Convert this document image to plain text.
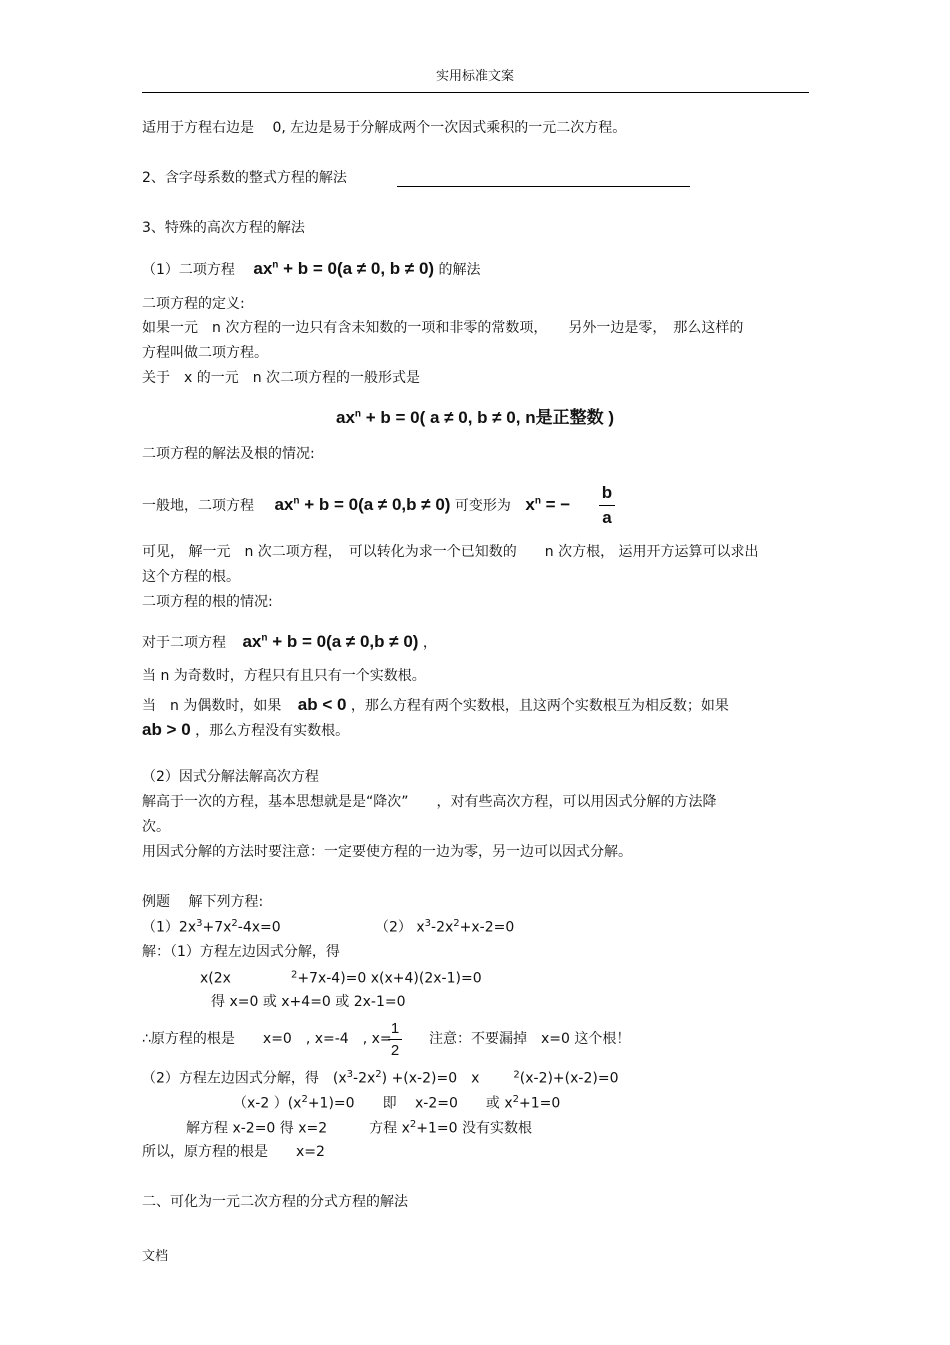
实用标准文案
适用于方程右边是　 0, 左边是易于分解成两个一次因式乘积的一元二次方程。
2、含字母系数的整式方程的解法
3、特殊的高次方程的解法
（1）二项方程 $ax^n + b = 0(a \ne 0$, b ≠ 0) 的解法
二项方程的定义:
如果一元　n 次方程的一边只有含未知数的一项和非零的常数项，　　另外一边是零，　那么这样的
方程叫做二项方程。
关于　x 的一元　n 次二项方程的一般形式是
$ax^n + b = 0$( a ≠ 0, b ≠ 0, n是正整数 )
二项方程的解法及根的情况:
一般地，二项方程 $ax^n + b = 0(a \ne 0,b \ne 0)$ 可变形为 $x^n$ = −
b
a
可见， 解一元　n 次二项方程，　可以转化为求一个已知数的　　n 次方根， 运用开方运算可以求出
这个方程的根。
二项方程的根的情况:
对于二项方程 $ax^n + b = 0(a \ne 0,b \ne 0)$ ，
当 n 为奇数时，方程只有且只有一个实数根。
当　n 为偶数时，如果 ab < 0 ，那么方程有两个实数根，且这两个实数根互为相反数；如果
ab > 0 ，那么方程没有实数根。
（2）因式分解法解高次方程
解高于一次的方程，基本思想就是是“降次”　　，对有些高次方程，可以用因式分解的方法降
次。
用因式分解的方法时要注意：一定要使方程的一边为零，另一边可以因式分解。
例题　 解下列方程:
$(1)2x^3+7x^2-4x=0$	（2） $x^3-2x^2+x-2=0$
解：（1）方程左边因式分解，得
x(2x	$^2$+7x-4)=0 x(x+4)(2x-1)=0
得 x=0 或 x+4=0 或 2x-1=0
∴原方程的根是　　x=0　, x=-4　, x=
1
2
注意：不要漏掉　x=0 这个根！
（2）方程左边因式分解，得　$(x^3-2x^2) +(x-2)=0$　x	$^2$(x-2)+(x-2)=0
（x-2 ）$(x^2+1)=0$　　即　 x-2=0　　或 $x^2+1=0$
解方程 x-2=0 得 x=2　　　方程 $x^2+1=0$ 没有实数根
所以，原方程的根是　　x=2
二、可化为一元二次方程的分式方程的解法
文档
